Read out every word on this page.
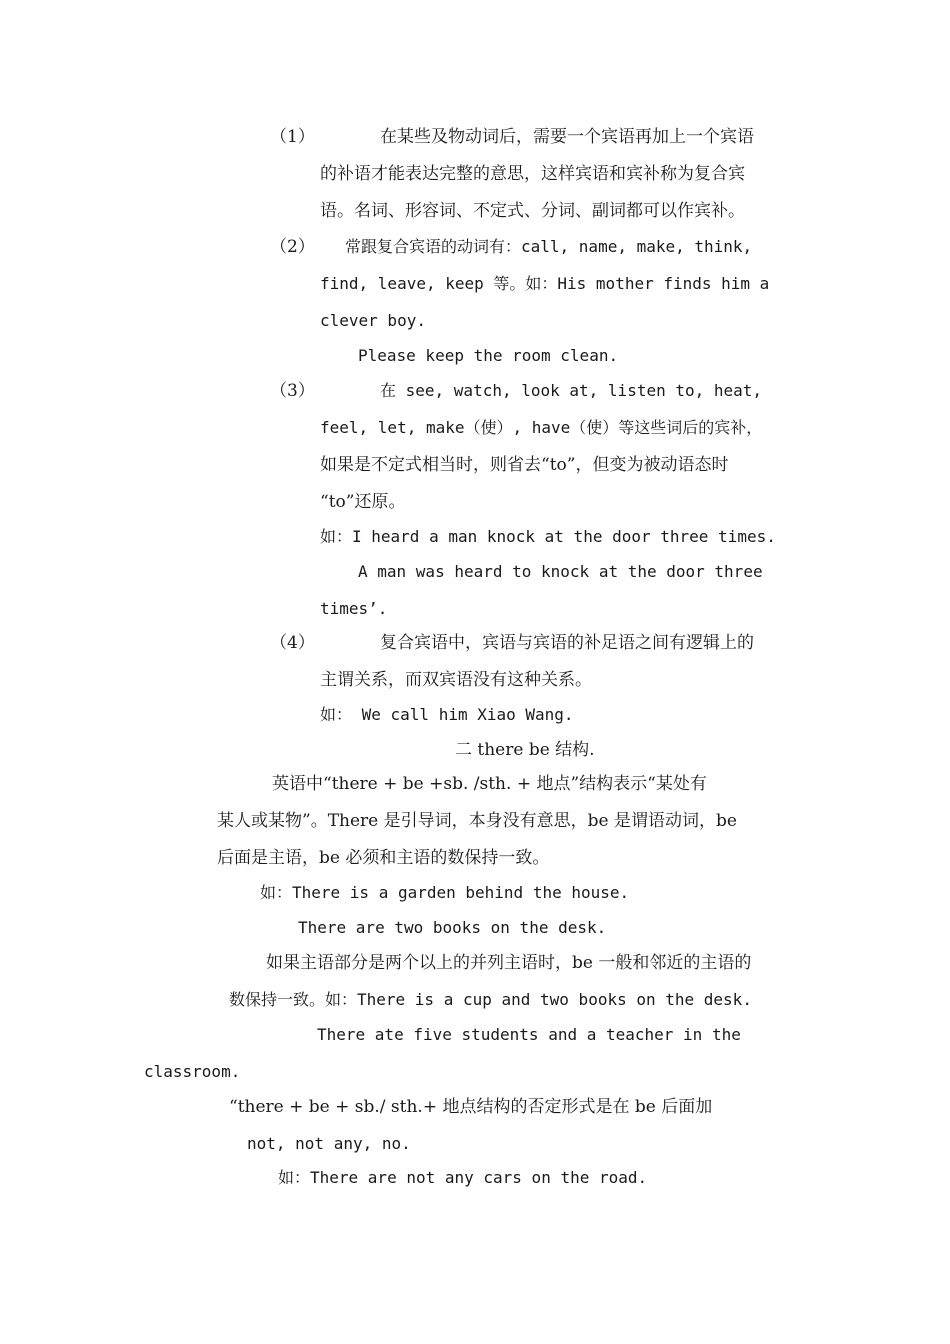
（1）	在某些及物动词后，需要一个宾语再加上一个宾语
的补语才能表达完整的意思，这样宾语和宾补称为复合宾
语。名词、形容词、不定式、分词、副词都可以作宾补。
（2） 常跟复合宾语的动词有：call, name, make, think,
find, leave, keep 等。如：His mother finds him a
clever boy.
Please keep the room clean.
（3）	在 see, watch, look at, listen to, heat,
feel, let, make（使）, have（使）等这些词后的宾补，
如果是不定式相当时，则省去“to”，但变为被动语态时
“to”还原。
如：I heard a man knock at the door three times.
A man was heard to knock at the door three
times’.
（4）	复合宾语中，宾语与宾语的补足语之间有逻辑上的
主谓关系，而双宾语没有这种关系。
如： We call him Xiao Wang.
二 there be 结构.
英语中“there + be +sb. /sth. + 地点”结构表示“某处有
某人或某物”。There 是引导词，本身没有意思，be 是谓语动词，be
后面是主语，be 必须和主语的数保持一致。
如：There is a garden behind the house.
There are two books on the desk.
如果主语部分是两个以上的并列主语时，be 一般和邻近的主语的
数保持一致。如：There is a cup and two books on the desk.
There ate five students and a teacher in the
classroom.
“there + be + sb./ sth.+ 地点结构的否定形式是在 be 后面加
not, not any, no.
如：There are not any cars on the road.
